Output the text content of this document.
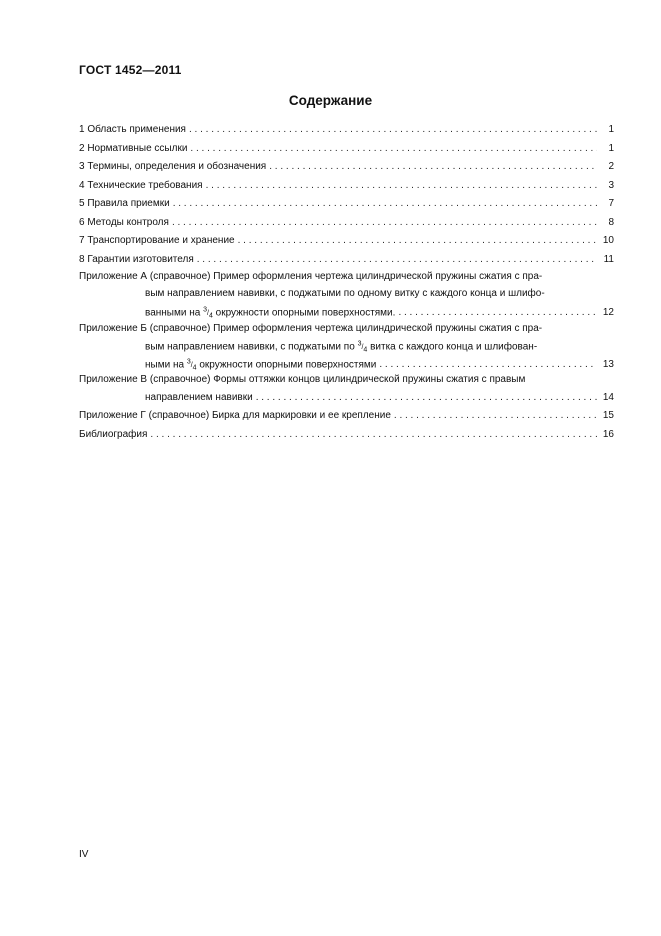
ГОСТ 1452—2011
Содержание
1 Область применения . . .	1
2 Нормативные ссылки . . .	1
3 Термины, определения и обозначения . . .	2
4 Технические требования . . .	3
5 Правила приемки . . .	7
6 Методы контроля . . .	8
7 Транспортирование и хранение . . .	10
8 Гарантии изготовителя . . .	11
Приложение А (справочное) Пример оформления чертежа цилиндрической пружины сжатия с пра-
вым направлением навивки, с поджатыми по одному витку с каждого конца и шлифо-
ванными на 3/4 окружности опорными поверхностями. . . .	12
Приложение Б (справочное) Пример оформления чертежа цилиндрической пружины сжатия с пра-
вым направлением навивки, с поджатыми по 3/4 витка с каждого конца и шлифован-
ными на 3/4 окружности опорными поверхностями . . .	13
Приложение В (справочное) Формы оттяжки концов цилиндрической пружины сжатия с правым
направлением навивки . . .	14
Приложение Г (справочное) Бирка для маркировки и ее крепление . . .	15
Библиография . . .	16
IV
